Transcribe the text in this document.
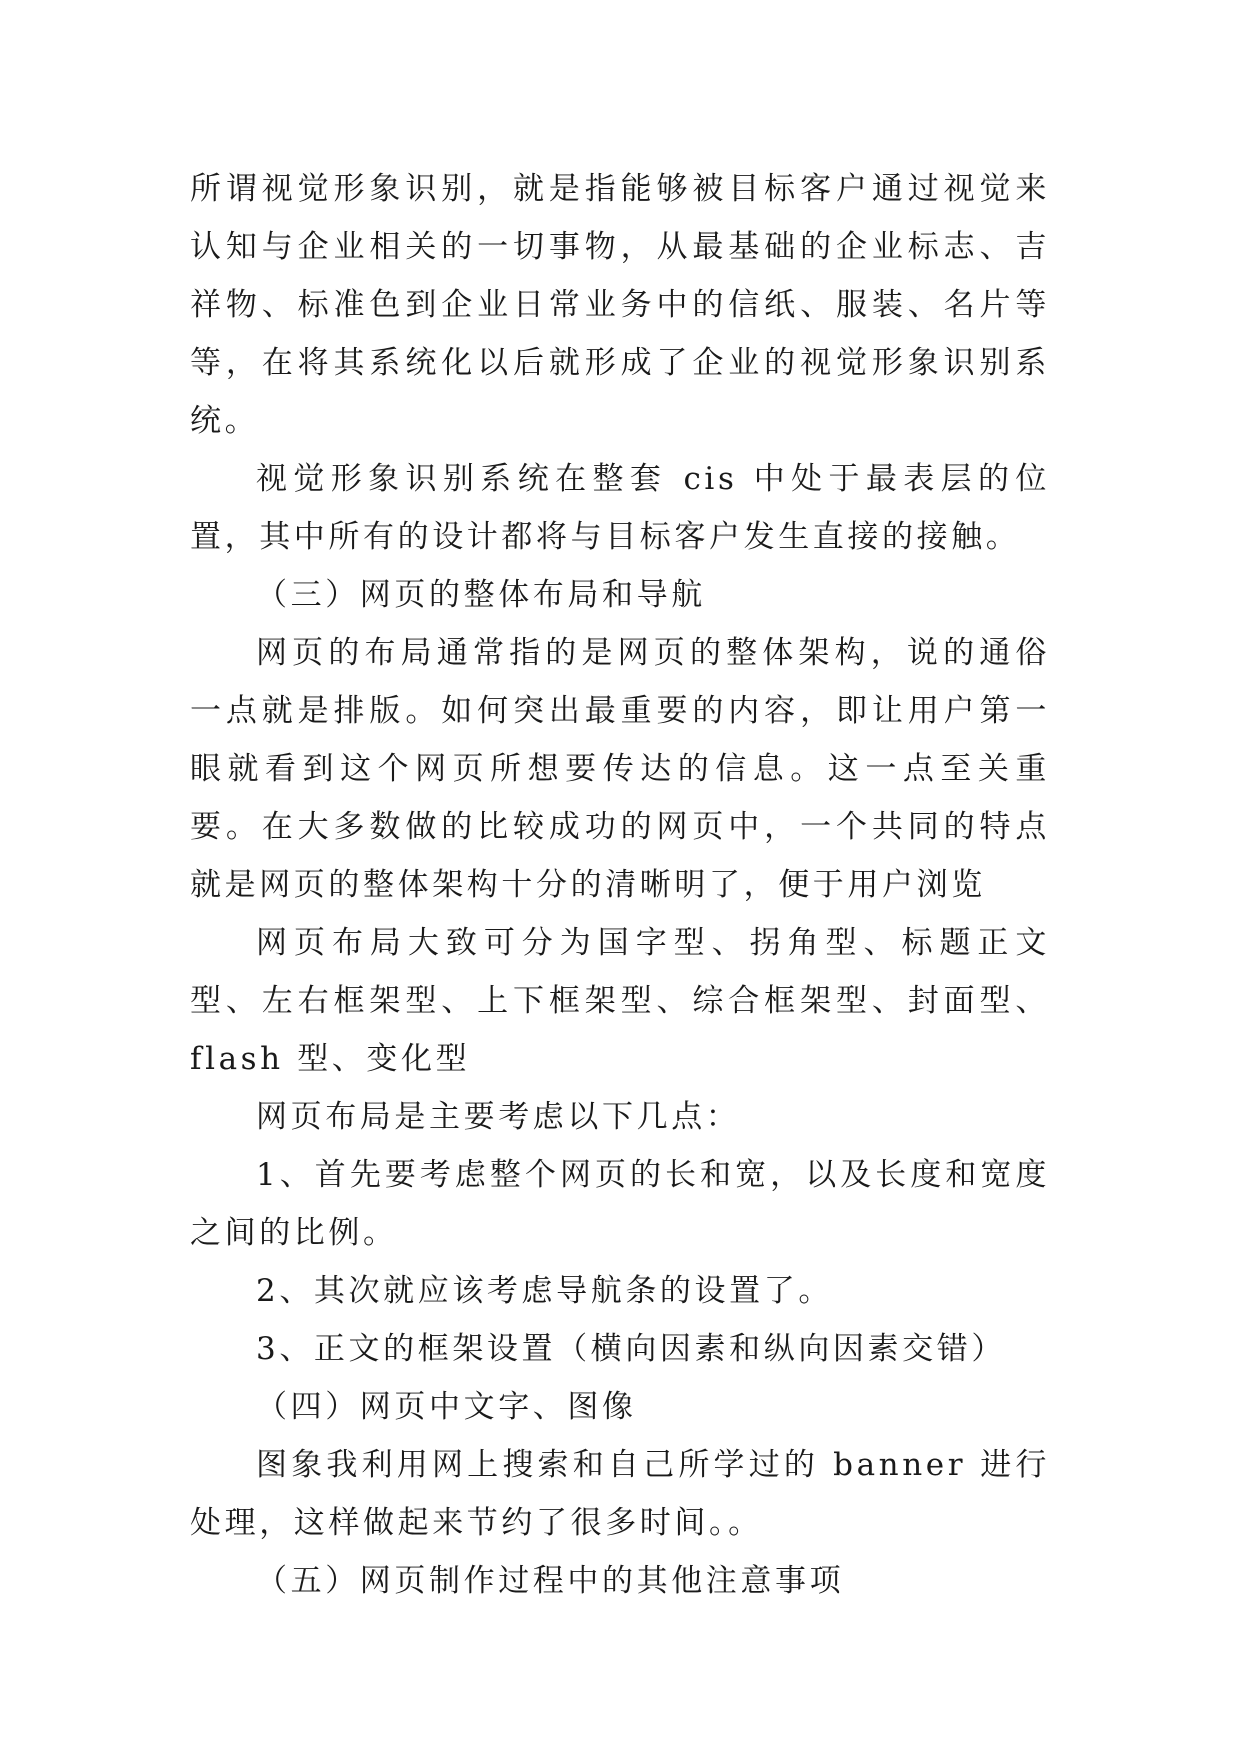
所谓视觉形象识别，就是指能够被目标客户通过视觉来认知与企业相关的一切事物，从最基础的企业标志、吉祥物、标准色到企业日常业务中的信纸、服装、名片等等，在将其系统化以后就形成了企业的视觉形象识别系统。

视觉形象识别系统在整套 cis 中处于最表层的位置，其中所有的设计都将与目标客户发生直接的接触。

（三）网页的整体布局和导航

网页的布局通常指的是网页的整体架构，说的通俗一点就是排版。如何突出最重要的内容，即让用户第一眼就看到这个网页所想要传达的信息。这一点至关重要。在大多数做的比较成功的网页中，一个共同的特点就是网页的整体架构十分的清晰明了，便于用户浏览

网页布局大致可分为国字型、拐角型、标题正文型、左右框架型、上下框架型、综合框架型、封面型、flash 型、变化型

网页布局是主要考虑以下几点：

1、首先要考虑整个网页的长和宽，以及长度和宽度之间的比例。

2、其次就应该考虑导航条的设置了。

3、正文的框架设置（横向因素和纵向因素交错）

（四）网页中文字、图像

图象我利用网上搜索和自己所学过的 banner 进行处理，这样做起来节约了很多时间。。

（五）网页制作过程中的其他注意事项
